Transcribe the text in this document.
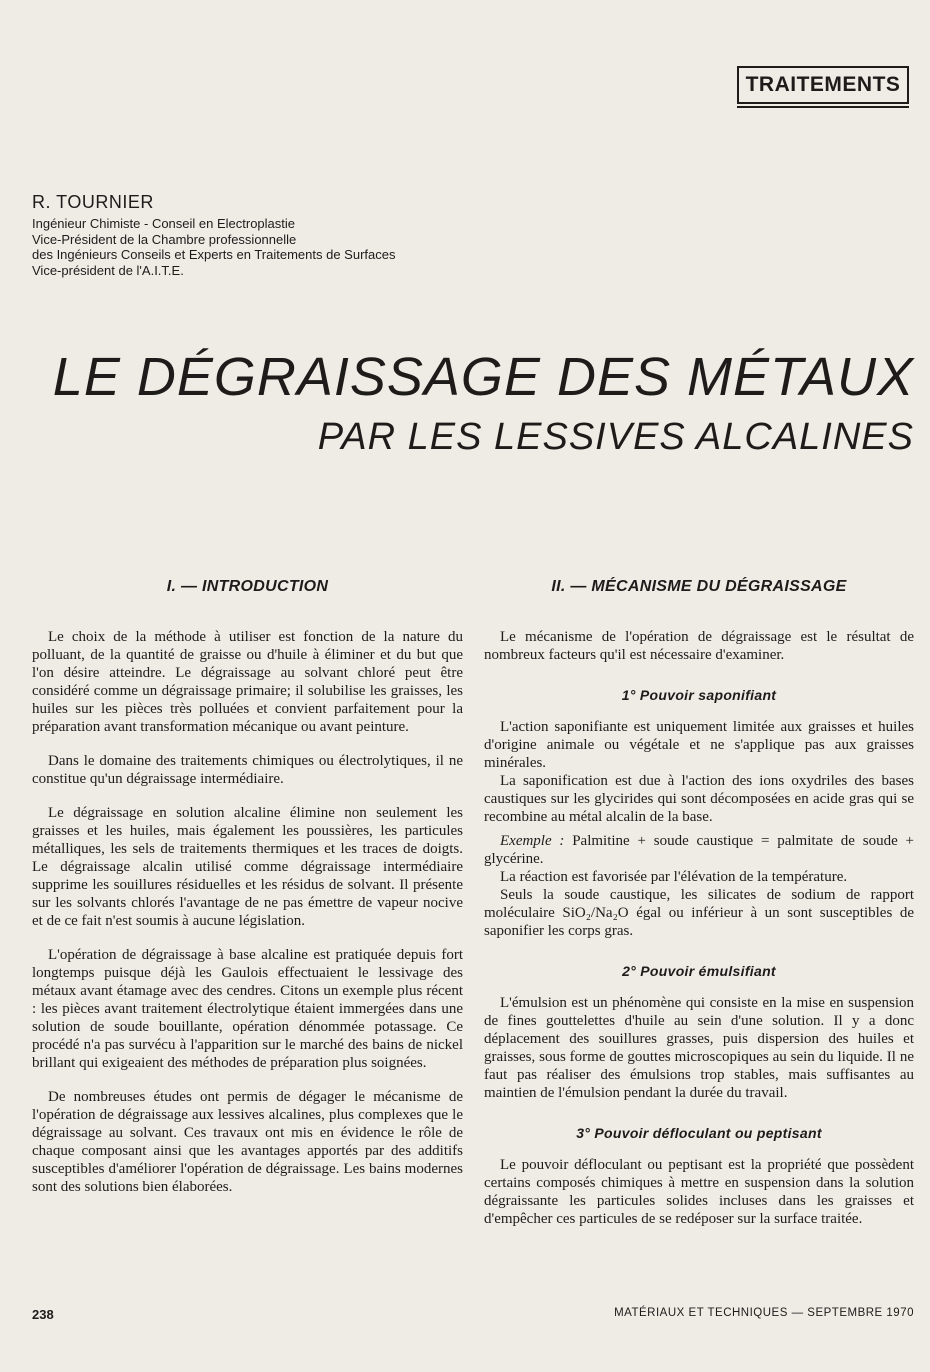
TRAITEMENTS
R. TOURNIER
Ingénieur Chimiste - Conseil en Electroplastie
Vice-Président de la Chambre professionnelle
des Ingénieurs Conseils et Experts en Traitements de Surfaces
Vice-président de l'A.I.T.E.
LE DÉGRAISSAGE DES MÉTAUX
PAR LES LESSIVES ALCALINES
I. — INTRODUCTION

Le choix de la méthode à utiliser est fonction de la nature du polluant, de la quantité de graisse ou d'huile à éliminer et du but que l'on désire atteindre. Le dégraissage au solvant chloré peut être considéré comme un dégraissage primaire; il solubilise les graisses, les huiles sur les pièces très polluées et convient parfaitement pour la préparation avant transformation mécanique ou avant peinture.

Dans le domaine des traitements chimiques ou électrolytiques, il ne constitue qu'un dégraissage intermédiaire.

Le dégraissage en solution alcaline élimine non seulement les graisses et les huiles, mais également les poussières, les particules métalliques, les sels de traitements thermiques et les traces de doigts. Le dégraissage alcalin utilisé comme dégraissage intermédiaire supprime les souillures résiduelles et les résidus de solvant. Il présente sur les solvants chlorés l'avantage de ne pas émettre de vapeur nocive et de ce fait n'est soumis à aucune législation.

L'opération de dégraissage à base alcaline est pratiquée depuis fort longtemps puisque déjà les Gaulois effectuaient le lessivage des métaux avant étamage avec des cendres. Citons un exemple plus récent : les pièces avant traitement électrolytique étaient immergées dans une solution de soude bouillante, opération dénommée potassage. Ce procédé n'a pas survécu à l'apparition sur le marché des bains de nickel brillant qui exigeaient des méthodes de préparation plus soignées.

De nombreuses études ont permis de dégager le mécanisme de l'opération de dégraissage aux lessives alcalines, plus complexes que le dégraissage au solvant. Ces travaux ont mis en évidence le rôle de chaque composant ainsi que les avantages apportés par des additifs susceptibles d'améliorer l'opération de dégraissage. Les bains modernes sont des solutions bien élaborées.

II. — MÉCANISME DU DÉGRAISSAGE

Le mécanisme de l'opération de dégraissage est le résultat de nombreux facteurs qu'il est nécessaire d'examiner.

1° Pouvoir saponifiant

L'action saponifiante est uniquement limitée aux graisses et huiles d'origine animale ou végétale et ne s'applique pas aux graisses minérales.

La saponification est due à l'action des ions oxydriles des bases caustiques sur les glycirides qui sont décomposées en acide gras qui se recombine au métal alcalin de la base.

Exemple : Palmitine + soude caustique = palmitate de soude + glycérine.

La réaction est favorisée par l'élévation de la température.

Seuls la soude caustique, les silicates de sodium de rapport moléculaire SiO₂/Na₂O égal ou inférieur à un sont susceptibles de saponifier les corps gras.

2° Pouvoir émulsifiant

L'émulsion est un phénomène qui consiste en la mise en suspension de fines gouttelettes d'huile au sein d'une solution. Il y a donc déplacement des souillures grasses, puis dispersion des huiles et graisses, sous forme de gouttes microscopiques au sein du liquide. Il ne faut pas réaliser des émulsions trop stables, mais suffisantes au maintien de l'émulsion pendant la durée du travail.

3° Pouvoir défloculant ou peptisant

Le pouvoir défloculant ou peptisant est la propriété que possèdent certains composés chimiques à mettre en suspension dans la solution dégraissante les particules solides incluses dans les graisses et d'empêcher ces particules de se redéposer sur la surface traitée.

238	MATÉRIAUX ET TECHNIQUES — SEPTEMBRE 1970
